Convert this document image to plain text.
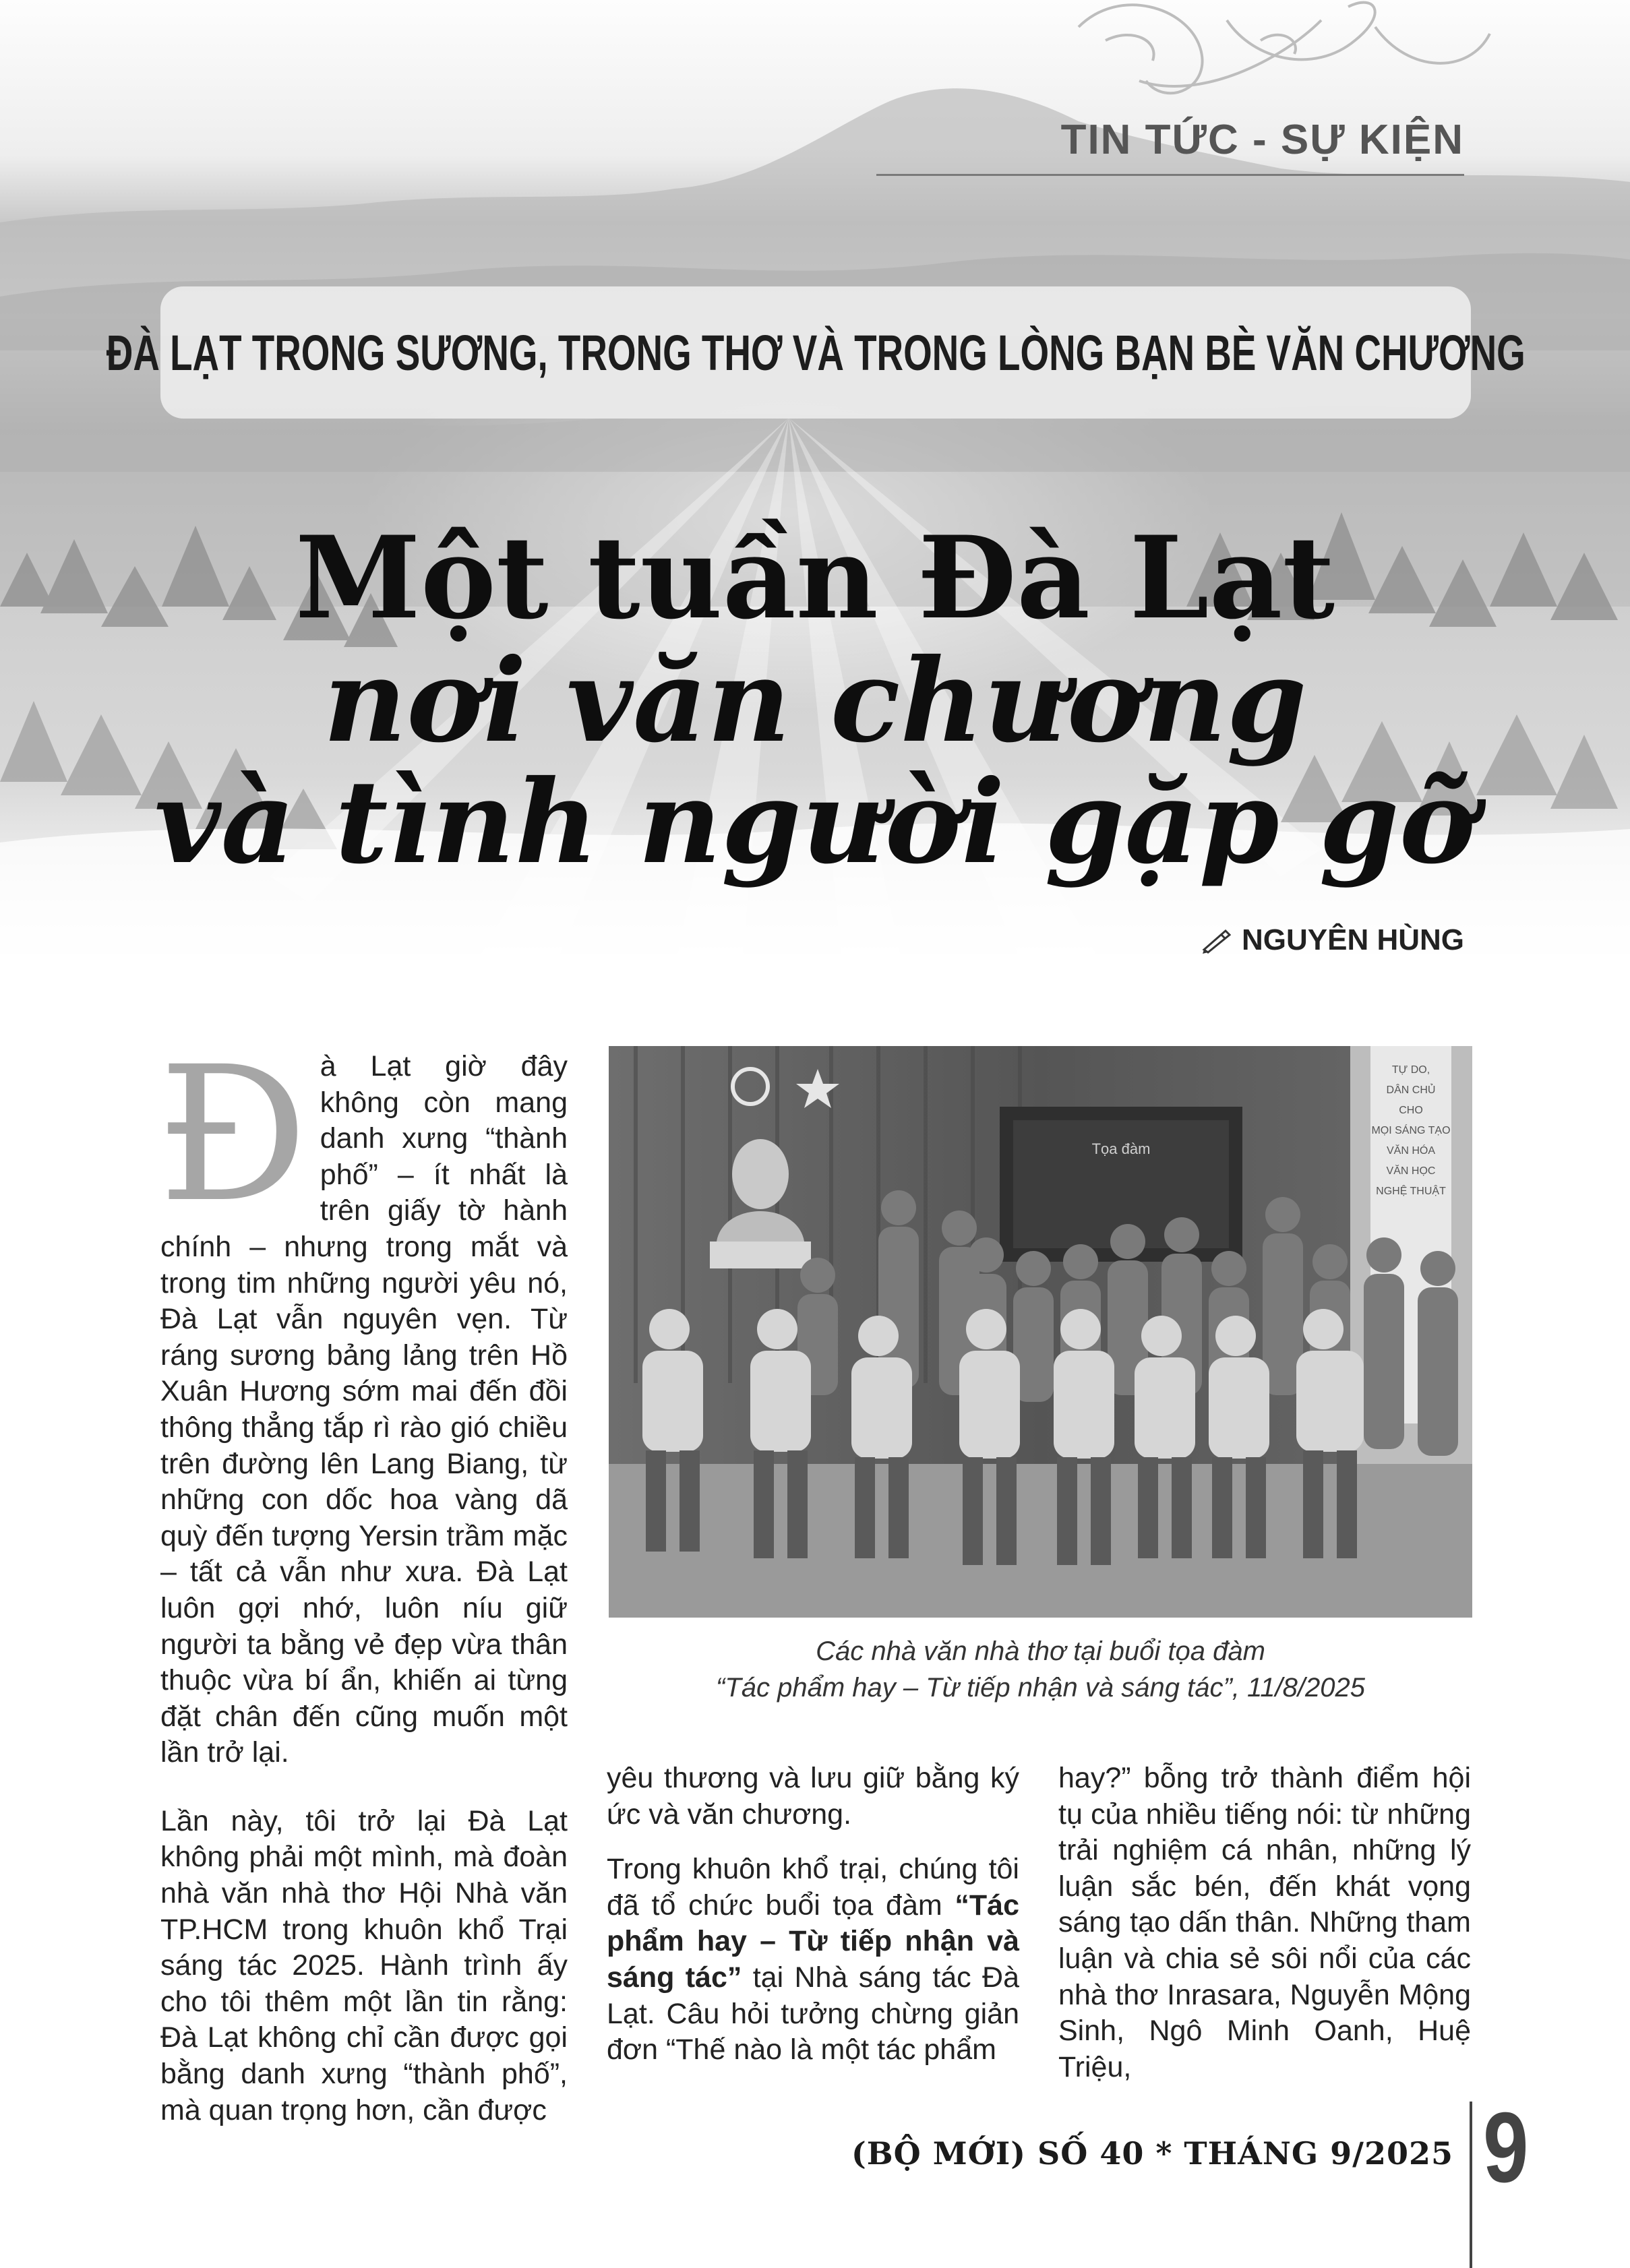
TIN TỨC - SỰ KIỆN
ĐÀ LẠT TRONG SƯƠNG, TRONG THƠ VÀ TRONG LÒNG BẠN BÈ VĂN CHƯƠNG
Một tuần Đà Lạt
nơi văn chương
và tình người gặp gỡ
NGUYÊN HÙNG

Đà Lạt giờ đây không còn mang danh xưng “thành phố” – ít nhất là trên giấy tờ hành chính – nhưng trong mắt và trong tim những người yêu nó, Đà Lạt vẫn nguyên vẹn. Từ ráng sương bảng lảng trên Hồ Xuân Hương sớm mai đến đồi thông thẳng tắp rì rào gió chiều trên đường lên Lang Biang, từ những con dốc hoa vàng dã quỳ đến tượng Yersin trầm mặc – tất cả vẫn như xưa. Đà Lạt luôn gợi nhớ, luôn níu giữ người ta bằng vẻ đẹp vừa thân thuộc vừa bí ẩn, khiến ai từng đặt chân đến cũng muốn một lần trở lại.

Lần này, tôi trở lại Đà Lạt không phải một mình, mà đoàn nhà văn nhà thơ Hội Nhà văn TP.HCM trong khuôn khổ Trại sáng tác 2025. Hành trình ấy cho tôi thêm một lần tin rằng: Đà Lạt không chỉ cần được gọi bằng danh xưng “thành phố”, mà quan trọng hơn, cần được

Tọa đàm
TỰ DO,
DÂN CHỦ
CHO
MỌI SÁNG TẠO
VĂN HÓA
VĂN HỌC
NGHỆ THUẬT
Các nhà văn nhà thơ tại buổi tọa đàm
“Tác phẩm hay – Từ tiếp nhận và sáng tác”, 11/8/2025

yêu thương và lưu giữ bằng ký ức và văn chương.

Trong khuôn khổ trại, chúng tôi đã tổ chức buổi tọa đàm “Tác phẩm hay – Từ tiếp nhận và sáng tác” tại Nhà sáng tác Đà Lạt. Câu hỏi tưởng chừng giản đơn “Thế nào là một tác phẩm

hay?” bỗng trở thành điểm hội tụ của nhiều tiếng nói: từ những trải nghiệm cá nhân, những lý luận sắc bén, đến khát vọng sáng tạo dấn thân. Những tham luận và chia sẻ sôi nổi của các nhà thơ Inrasara, Nguyễn Mộng Sinh, Ngô Minh Oanh, Huệ Triệu,

(BỘ MỚI) SỐ 40 * THÁNG 9/2025 9
